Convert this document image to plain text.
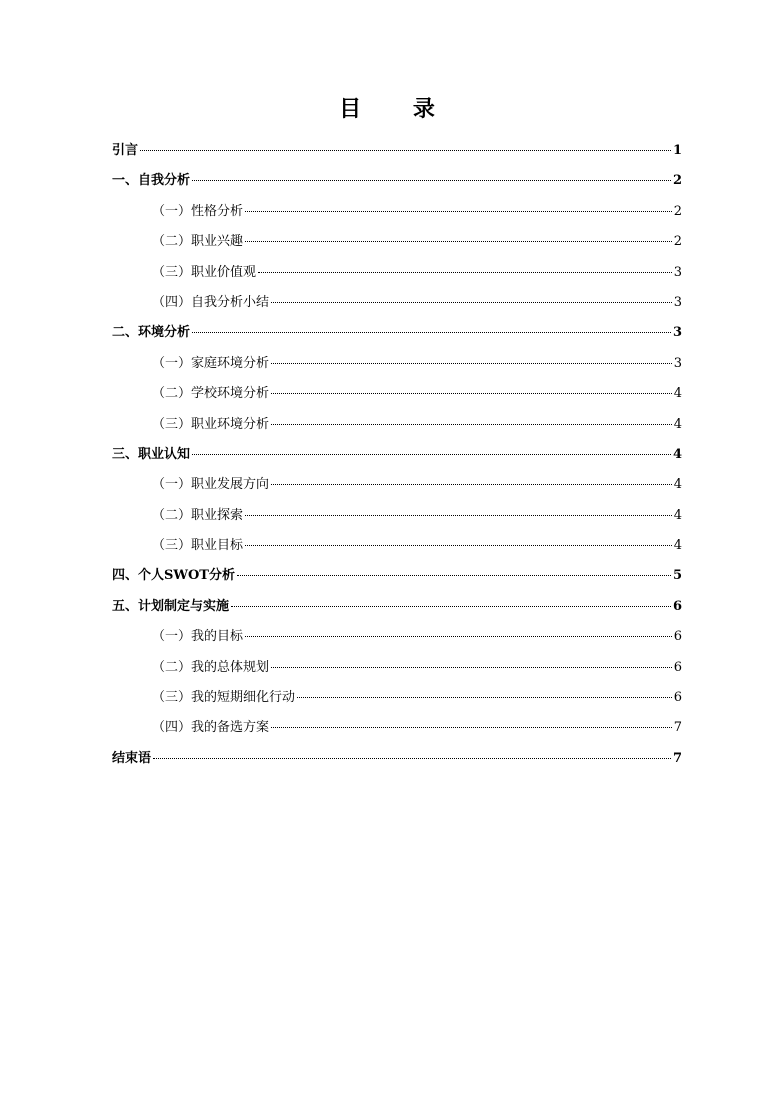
目 录
引言	1
一、自我分析	2
（一）性格分析	2
（二）职业兴趣	2
（三）职业价值观	3
（四）自我分析小结	3
二、环境分析	3
（一）家庭环境分析	3
（二）学校环境分析	4
（三）职业环境分析	4
三、职业认知	4
（一）职业发展方向	4
（二）职业探索	4
（三）职业目标	4
四、个人SWOT分析	5
五、计划制定与实施	6
（一）我的目标	6
（二）我的总体规划	6
（三）我的短期细化行动	6
（四）我的备选方案	7
结束语	7
